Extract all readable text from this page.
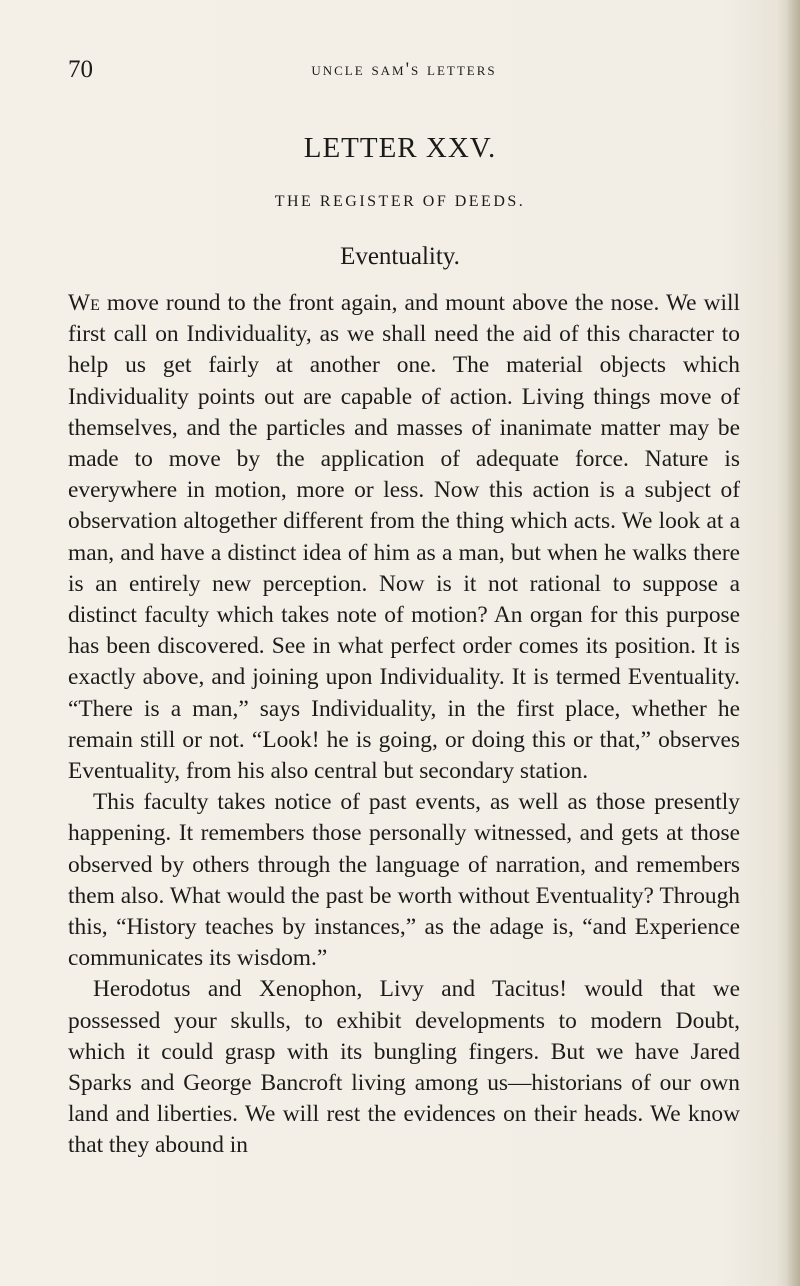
70	uncle sam's letters
LETTER XXV.
THE REGISTER OF DEEDS.
Eventuality.

We move round to the front again, and mount above the nose. We will first call on Individuality, as we shall need the aid of this character to help us get fairly at another one. The material objects which Individuality points out are capable of action. Living things move of themselves, and the particles and masses of inanimate matter may be made to move by the application of adequate force. Nature is everywhere in motion, more or less. Now this action is a subject of observation altogether different from the thing which acts. We look at a man, and have a distinct idea of him as a man, but when he walks there is an entirely new perception. Now is it not rational to suppose a distinct faculty which takes note of motion? An organ for this purpose has been discovered. See in what perfect order comes its position. It is exactly above, and joining upon Individuality. It is termed Eventuality. “There is a man,” says Individuality, in the first place, whether he remain still or not. “Look! he is going, or doing this or that,” observes Eventuality, from his also central but secondary station.

This faculty takes notice of past events, as well as those presently happening. It remembers those personally witnessed, and gets at those observed by others through the language of narration, and remembers them also. What would the past be worth without Eventuality? Through this, “History teaches by instances,” as the adage is, “and Experience communicates its wisdom.”

Herodotus and Xenophon, Livy and Tacitus! would that we possessed your skulls, to exhibit developments to modern Doubt, which it could grasp with its bungling fingers. But we have Jared Sparks and George Bancroft living among us—historians of our own land and liberties. We will rest the evidences on their heads. We know that they abound in
